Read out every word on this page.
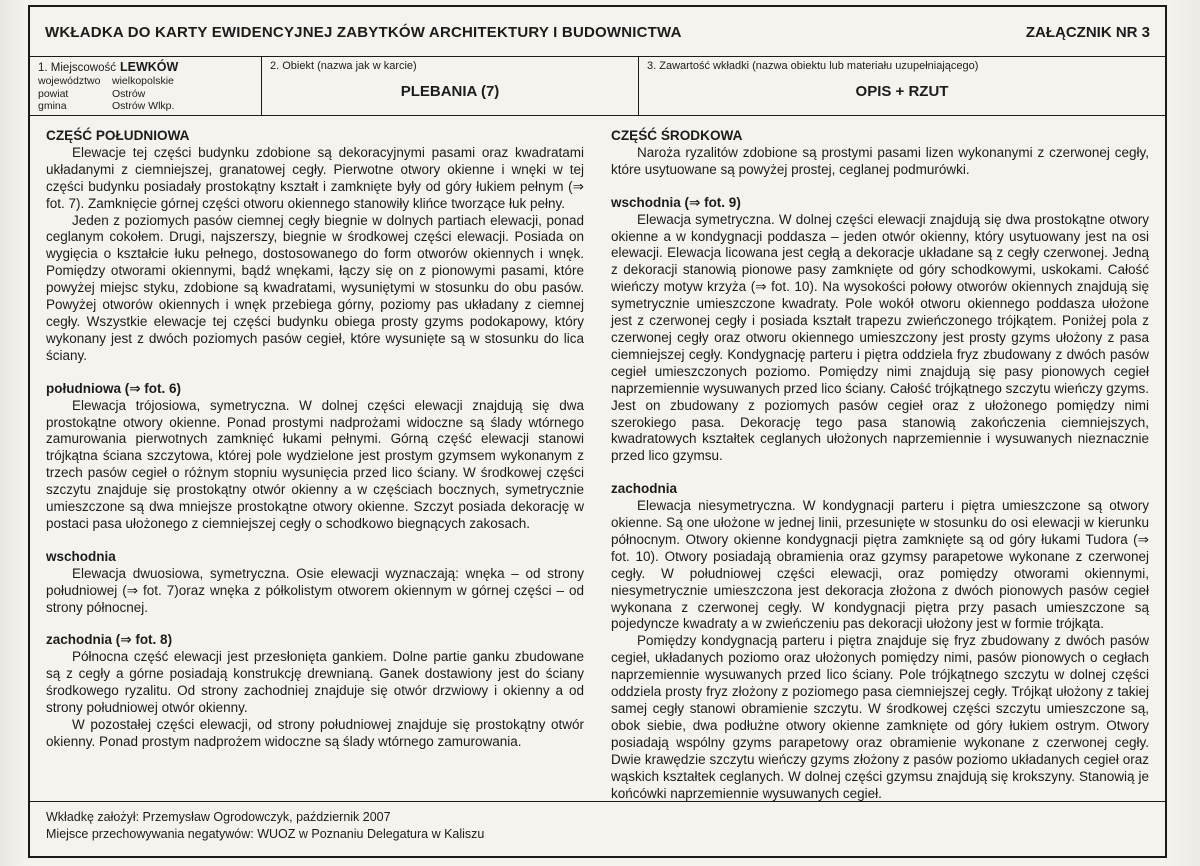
WKŁADKA DO KARTY EWIDENCYJNEJ ZABYTKÓW ARCHITEKTURY I BUDOWNICTWA	ZAŁĄCZNIK NR 3
1. Miejscowość LEWKÓW
województwo	wielkopolskie
powiat	Ostrów
gmina	Ostrów Wlkp.
2. Obiekt (nazwa jak w karcie)
PLEBANIA (7)
3. Zawartość wkładki (nazwa obiektu lub materiału uzupełniającego)
OPIS + RZUT
CZĘŚĆ POŁUDNIOWA

Elewacje tej części budynku zdobione są dekoracyjnymi pasami oraz kwadratami układanymi z ciemniejszej, granatowej cegły. Pierwotne otwory okienne i wnęki w tej części budynku posiadały prostokątny kształt i zamknięte były od góry łukiem pełnym (⇒ fot. 7). Zamknięcie górnej części otworu okiennego stanowiły klińce tworzące łuk pełny.

Jeden z poziomych pasów ciemnej cegły biegnie w dolnych partiach elewacji, ponad ceglanym cokołem. Drugi, najszerszy, biegnie w środkowej części elewacji. Posiada on wygięcia o kształcie łuku pełnego, dostosowanego do form otworów okiennych i wnęk. Pomiędzy otworami okiennymi, bądź wnękami, łączy się on z pionowymi pasami, które powyżej miejsc styku, zdobione są kwadratami, wysuniętymi w stosunku do obu pasów. Powyżej otworów okiennych i wnęk przebiega górny, poziomy pas układany z ciemnej cegły. Wszystkie elewacje tej części budynku obiega prosty gzyms podokapowy, który wykonany jest z dwóch poziomych pasów cegieł, które wysunięte są w stosunku do lica ściany.

południowa (⇒ fot. 6)

Elewacja trójosiowa, symetryczna. W dolnej części elewacji znajdują się dwa prostokątne otwory okienne. Ponad prostymi nadprożami widoczne są ślady wtórnego zamurowania pierwotnych zamknięć łukami pełnymi. Górną część elewacji stanowi trójkątna ściana szczytowa, której pole wydzielone jest prostym gzymsem wykonanym z trzech pasów cegieł o różnym stopniu wysunięcia przed lico ściany. W środkowej części szczytu znajduje się prostokątny otwór okienny a w częściach bocznych, symetrycznie umieszczone są dwa mniejsze prostokątne otwory okienne. Szczyt posiada dekorację w postaci pasa ułożonego z ciemniejszej cegły o schodkowo biegnących zakosach.

wschodnia

Elewacja dwuosiowa, symetryczna. Osie elewacji wyznaczają: wnęka – od strony południowej (⇒ fot. 7)oraz wnęka z półkolistym otworem okiennym w górnej części – od strony północnej.

zachodnia (⇒ fot. 8)

Północna część elewacji jest przesłonięta gankiem. Dolne partie ganku zbudowane są z cegły a górne posiadają konstrukcję drewnianą. Ganek dostawiony jest do ściany środkowego ryzalitu. Od strony zachodniej znajduje się otwór drzwiowy i okienny a od strony południowej otwór okienny.

W pozostałej części elewacji, od strony południowej znajduje się prostokątny otwór okienny. Ponad prostym nadprożem widoczne są ślady wtórnego zamurowania.

CZĘŚĆ ŚRODKOWA

Naroża ryzalitów zdobione są prostymi pasami lizen wykonanymi z czerwonej cegły, które usytuowane są powyżej prostej, ceglanej podmurówki.

wschodnia (⇒ fot. 9)

Elewacja symetryczna. W dolnej części elewacji znajdują się dwa prostokątne otwory okienne a w kondygnacji poddasza – jeden otwór okienny, który usytuowany jest na osi elewacji. Elewacja licowana jest cegłą a dekoracje układane są z cegły czerwonej. Jedną z dekoracji stanowią pionowe pasy zamknięte od góry schodkowymi, uskokami. Całość wieńczy motyw krzyża (⇒ fot. 10). Na wysokości połowy otworów okiennych znajdują się symetrycznie umieszczone kwadraty. Pole wokół otworu okiennego poddasza ułożone jest z czerwonej cegły i posiada kształt trapezu zwieńczonego trójkątem. Poniżej pola z czerwonej cegły oraz otworu okiennego umieszczony jest prosty gzyms ułożony z pasa ciemniejszej cegły. Kondygnację parteru i piętra oddziela fryz zbudowany z dwóch pasów cegieł umieszczonych poziomo. Pomiędzy nimi znajdują się pasy pionowych cegieł naprzemiennie wysuwanych przed lico ściany. Całość trójkątnego szczytu wieńczy gzyms. Jest on zbudowany z poziomych pasów cegieł oraz z ułożonego pomiędzy nimi szerokiego pasa. Dekorację tego pasa stanowią zakończenia ciemniejszych, kwadratowych kształtek ceglanych ułożonych naprzemiennie i wysuwanych nieznacznie przed lico gzymsu.

zachodnia

Elewacja niesymetryczna. W kondygnacji parteru i piętra umieszczone są otwory okienne. Są one ułożone w jednej linii, przesunięte w stosunku do osi elewacji w kierunku północnym. Otwory okienne kondygnacji piętra zamknięte są od góry łukami Tudora (⇒ fot. 10). Otwory posiadają obramienia oraz gzymsy parapetowe wykonane z czerwonej cegły. W południowej części elewacji, oraz pomiędzy otworami okiennymi, niesymetrycznie umieszczona jest dekoracja złożona z dwóch pionowych pasów cegieł wykonana z czerwonej cegły. W kondygnacji piętra przy pasach umieszczone są pojedyncze kwadraty a w zwieńczeniu pas dekoracji ułożony jest w formie trójkąta.

Pomiędzy kondygnacją parteru i piętra znajduje się fryz zbudowany z dwóch pasów cegieł, układanych poziomo oraz ułożonych pomiędzy nimi, pasów pionowych o cegłach naprzemiennie wysuwanych przed lico ściany. Pole trójkątnego szczytu w dolnej części oddziela prosty fryz złożony z poziomego pasa ciemniejszej cegły. Trójkąt ułożony z takiej samej cegły stanowi obramienie szczytu. W środkowej części szczytu umieszczone są, obok siebie, dwa podłużne otwory okienne zamknięte od góry łukiem ostrym. Otwory posiadają wspólny gzyms parapetowy oraz obramienie wykonane z czerwonej cegły. Dwie krawędzie szczytu wieńczy gzyms złożony z pasów poziomo układanych cegieł oraz wąskich kształtek ceglanych. W dolnej części gzymsu znajdują się krokszyny. Stanowią je końcówki naprzemiennie wysuwanych cegieł.

Wkładkę założył: Przemysław Ogrodowczyk, październik 2007
Miejsce przechowywania negatywów: WUOZ w Poznaniu Delegatura w Kaliszu
